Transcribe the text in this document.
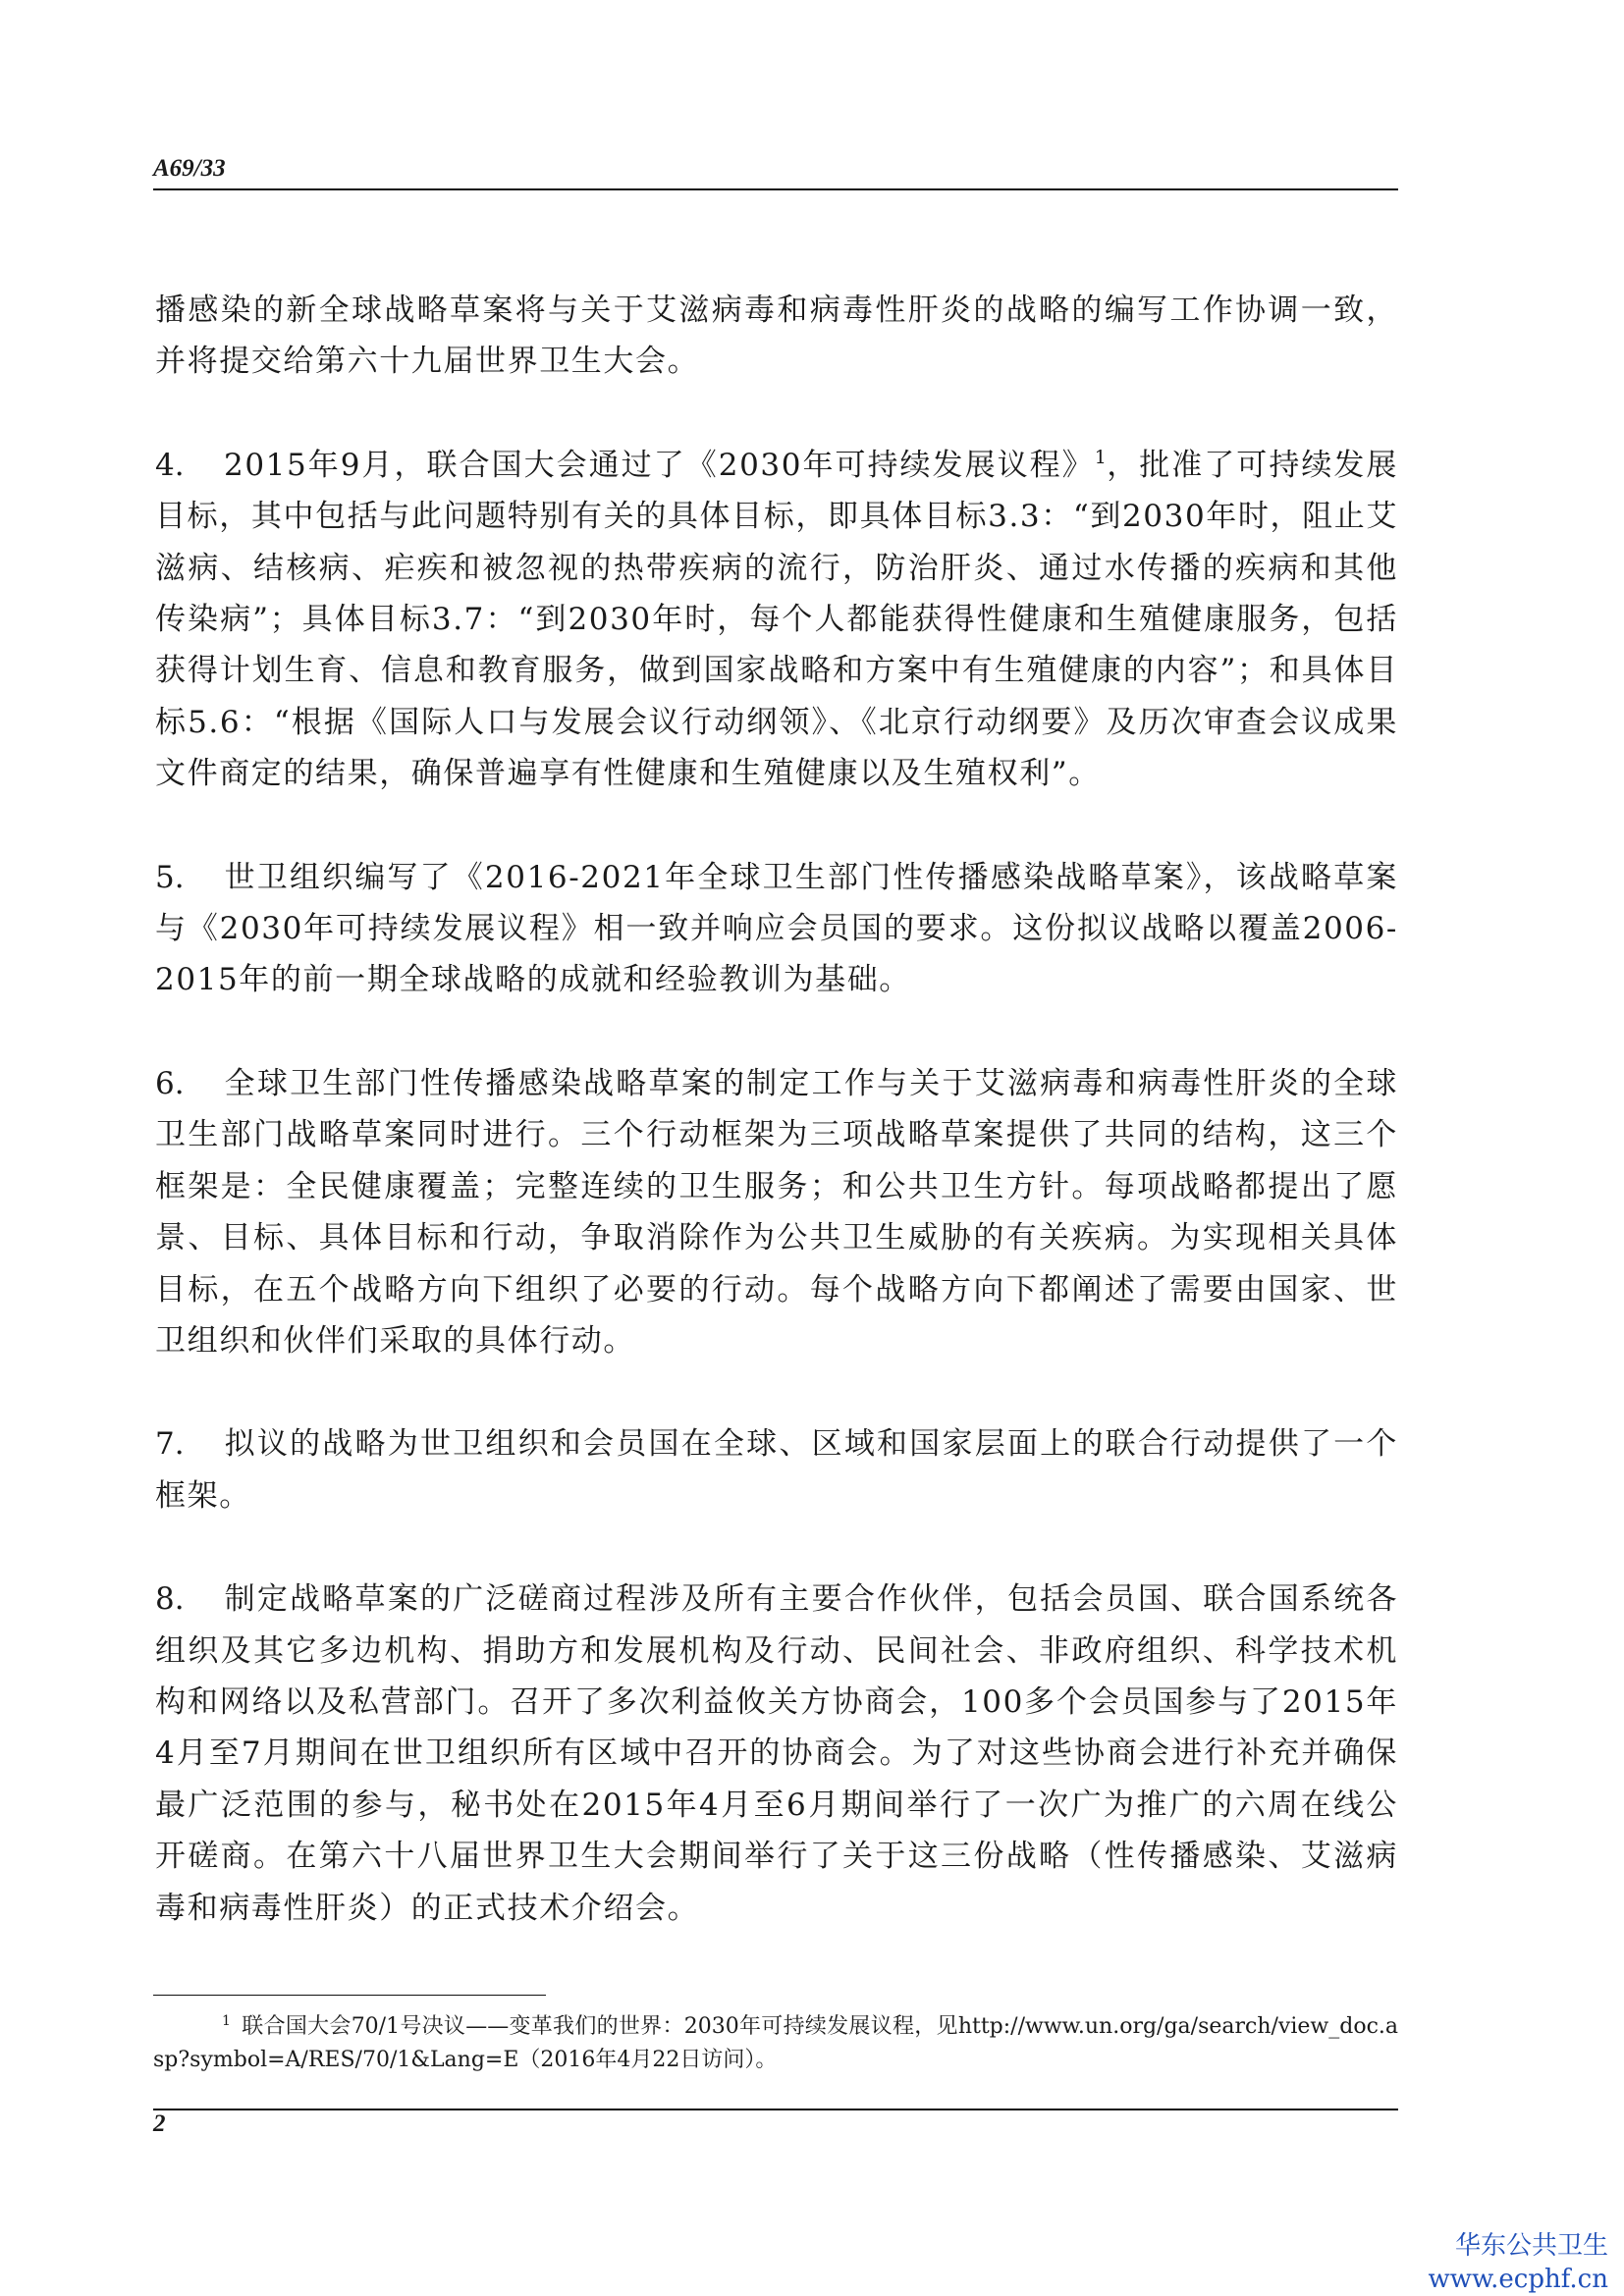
A69/33

播感染的新全球战略草案将与关于艾滋病毒和病毒性肝炎的战略的编写工作协调一致，并将提交给第六十九届世界卫生大会。

4. 2015年9月，联合国大会通过了《2030年可持续发展议程》$^1$，批准了可持续发展目标，其中包括与此问题特别有关的具体目标，即具体目标3.3：“到2030年时，阻止艾滋病、结核病、疟疾和被忽视的热带疾病的流行，防治肝炎、通过水传播的疾病和其他传染病”；具体目标3.7：“到2030年时，每个人都能获得性健康和生殖健康服务，包括获得计划生育、信息和教育服务，做到国家战略和方案中有生殖健康的内容”；和具体目标5.6：“根据《国际人口与发展会议行动纲领》、《北京行动纲要》及历次审查会议成果文件商定的结果，确保普遍享有性健康和生殖健康以及生殖权利”。

5. 世卫组织编写了《2016-2021年全球卫生部门性传播感染战略草案》，该战略草案与《2030年可持续发展议程》相一致并响应会员国的要求。这份拟议战略以覆盖2006-2015年的前一期全球战略的成就和经验教训为基础。

6. 全球卫生部门性传播感染战略草案的制定工作与关于艾滋病毒和病毒性肝炎的全球卫生部门战略草案同时进行。三个行动框架为三项战略草案提供了共同的结构，这三个框架是：全民健康覆盖；完整连续的卫生服务；和公共卫生方针。每项战略都提出了愿景、目标、具体目标和行动，争取消除作为公共卫生威胁的有关疾病。为实现相关具体目标，在五个战略方向下组织了必要的行动。每个战略方向下都阐述了需要由国家、世卫组织和伙伴们采取的具体行动。

7. 拟议的战略为世卫组织和会员国在全球、区域和国家层面上的联合行动提供了一个框架。

8. 制定战略草案的广泛磋商过程涉及所有主要合作伙伴，包括会员国、联合国系统各组织及其它多边机构、捐助方和发展机构及行动、民间社会、非政府组织、科学技术机构和网络以及私营部门。召开了多次利益攸关方协商会，100多个会员国参与了2015年4月至7月期间在世卫组织所有区域中召开的协商会。为了对这些协商会进行补充并确保最广泛范围的参与，秘书处在2015年4月至6月期间举行了一次广为推广的六周在线公开磋商。在第六十八届世界卫生大会期间举行了关于这三份战略（性传播感染、艾滋病毒和病毒性肝炎）的正式技术介绍会。

1 联合国大会70/1号决议——变革我们的世界：2030年可持续发展议程，见http://www.un.org/ga/search/view_doc.asp?symbol=A/RES/70/1&Lang=E（2016年4月22日访问）。

2

华东公共卫生
www.ecphf.cn
